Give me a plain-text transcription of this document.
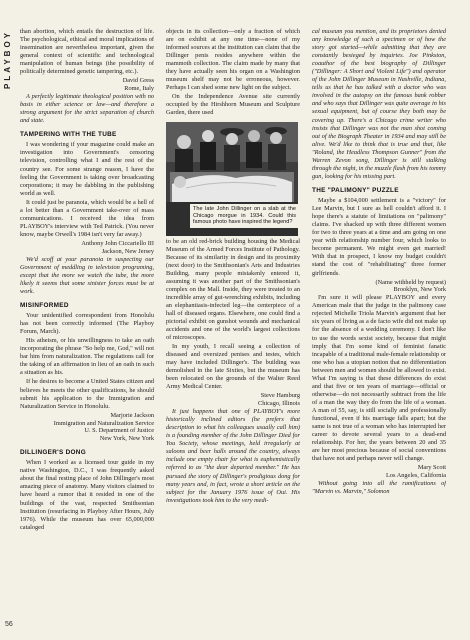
PLAYBOY
56

than abortion, which entails the destruction of life. The psychological, ethical and moral implications of insemination are nevertheless important, given the general context of scientific and technological manipulation of human beings (the possibility of politically determined genetic tampering, etc.).

David Gress
Rome, Italy

A perfectly legitimate theological position with no basis in either science or law—and therefore a strong argument for the strict separation of church and state.

TAMPERING WITH THE TUBE

I was wondering if your magazine could make an investigation into Government's censoring television, controlling what I and the rest of the country see. For some strange reason, I have the feeling the Government is taking over broadcasting corporations; it may be dabbling in the publishing world as well.

It could just be paranoia, which would be a hell of a lot better than a Government take-over of mass communications. I received the idea from PLAYBOY's interview with Ted Patrick. (You never know, maybe Orwell's 1984 isn't very far away.)

Anthony John Ciccariello III
Jackson, New Jersey

We'd scoff at your paranoia in suspecting our Government of meddling in television programing, except that the more we watch the tube, the more likely it seems that some sinister forces must be at work.

MISINFORMED

Your unidentified correspondent from Honolulu has not been correctly informed (The Playboy Forum, March).

His atheism, or his unwillingness to take an oath incorporating the phrase "So help me, God," will not bar him from naturalization. The regulations call for the taking of an affirmation in lieu of an oath in such a situation as his.

If he desires to become a United States citizen and believes he meets the other qualifications, he should submit his application to the Immigration and Naturalization Service in Honolulu.

Marjorie Jackson
Immigration and Naturalization Service
U. S. Department of Justice
New York, New York
DILLINGER'S DONG

When I worked as a licensed tour guide in my native Washington, D.C., I was frequently asked about the final resting place of John Dillinger's most amazing piece of anatomy. Many visitors claimed to have heard a rumor that it resided in one of the buildings of the vast, respected Smithsonian Institution (resurfacing in Playboy After Hours, July 1976). While the museum has over 65,000,000 cataloged

objects in its collection—only a fraction of which are on exhibit at any one time—none of my informed sources at the institution can claim that the Dillinger penis resides anywhere within the mammoth collection. The claim made by many that they have actually seen his organ on a Washington museum shelf may not be erroneous, however. Perhaps I can shed some new light on the subject.

On the Independence Avenue site currently occupied by the Hirshhorn Museum and Sculpture Garden, there used

The late John Dillinger on a slab at the Chicago morgue in 1934. Could this famous photo have inspired the legend?

to be an old red-brick building housing the Medical Museum of the Armed Forces Institute of Pathology. Because of its similarity in design and its proximity (next door) to the Smithsonian's Arts and Industries Building, many people mistakenly entered it, assuming it was another part of the Smithsonian's complex on the Mall. Inside, they were treated to an incredible array of gut-wrenching exhibits, including an elephantiasis-infected leg—the centerpiece of a hall of diseased organs. Elsewhere, one could find a pictorial exhibit on gunshot wounds and mechanical accidents and one of the world's largest collections of microscopes.

In my youth, I recall seeing a collection of diseased and oversized penises and testes, which may have included Dillinger's. The building was demolished in the late Sixties, but the museum has been relocated on the grounds of the Walter Reed Army Medical Center.

Steve Hamburg
Chicago, Illinois

It just happens that one of PLAYBOY's more historically inclined editors (he prefers that description to what his colleagues usually call him) is a founding member of the John Dillinger Died for You Society, whose meetings, held irregularly at saloons and beer halls around the country, always include one empty chair for what is euphemistically referred to as "the dear departed member." He has pursued the story of Dillinger's prodigious dong for many years and, in fact, wrote a short article on the subject for the January 1976 issue of Oui. His investigations took him to the very medi-

cal museum you mention, and its proprietors denied any knowledge of such a specimen or of how the story got started—while admitting that they are constantly besieged by inquiries. Joe Pinkston, coauthor of the best biography of Dillinger ("Dillinger: A Short and Violent Life") and operator of the John Dillinger Museum in Nashville, Indiana, tells us that he has talked with a doctor who was involved in the autopsy on the famous bank robber and who says that Dillinger was quite average in his sexual equipment, but of course they both may be covering up. There's a Chicago crime writer who insists that Dillinger was not the man shot coming out of the Biograph Theater in 1934 and may still be alive. We'd like to think that is true and that, like "Roland, the Headless Thompson Gunner" from the Warren Zevon song, Dillinger is still stalking through the night, in the muzzle flash from his tommy gun, looking for his missing part.

THE "PALIMONY" PUZZLE

Maybe a $104,000 settlement is a "victory" for Lee Marvin, but I sure as hell couldn't afford it. I hope there's a statute of limitations on "palimony" claims. I've shacked up with three different women for two to three years at a time and am going on one year with relationship number four, which looks to become permanent. We might even get married! With that in prospect, I know my budget couldn't stand the cost of "rehabilitating" three former girlfriends.

(Name withheld by request)
Brooklyn, New York

I'm sure it will please PLAYBOY and every American male that the judge in the palimony case rejected Michelle Triola Marvin's argument that her six years of living as a de facto wife did not make up for the absence of a wedding ceremony. I don't like to use the words sexist society, because that might imply that I'm some kind of feminist fanatic incapable of a traditional male-female relationship or one who has a utopian notion that no differentiation between men and women should be allowed to exist. What I'm saying is that these differences do exist and that five or ten years of marriage—official or otherwise—do not necessarily subtract from the life of a man the way they do from the life of a woman. A man of 55, say, is still socially and professionally functional, even if his marriage falls apart; but the same is not true of a woman who has interrupted her career to devote several years to a dead-end relationship. For her, the years between 20 and 35 are her most precious because of social conventions that have not and perhaps never will change.

Mary Scott
Los Angeles, California

Without going into all the ramifications of "Marvin vs. Marvin," Solomon
